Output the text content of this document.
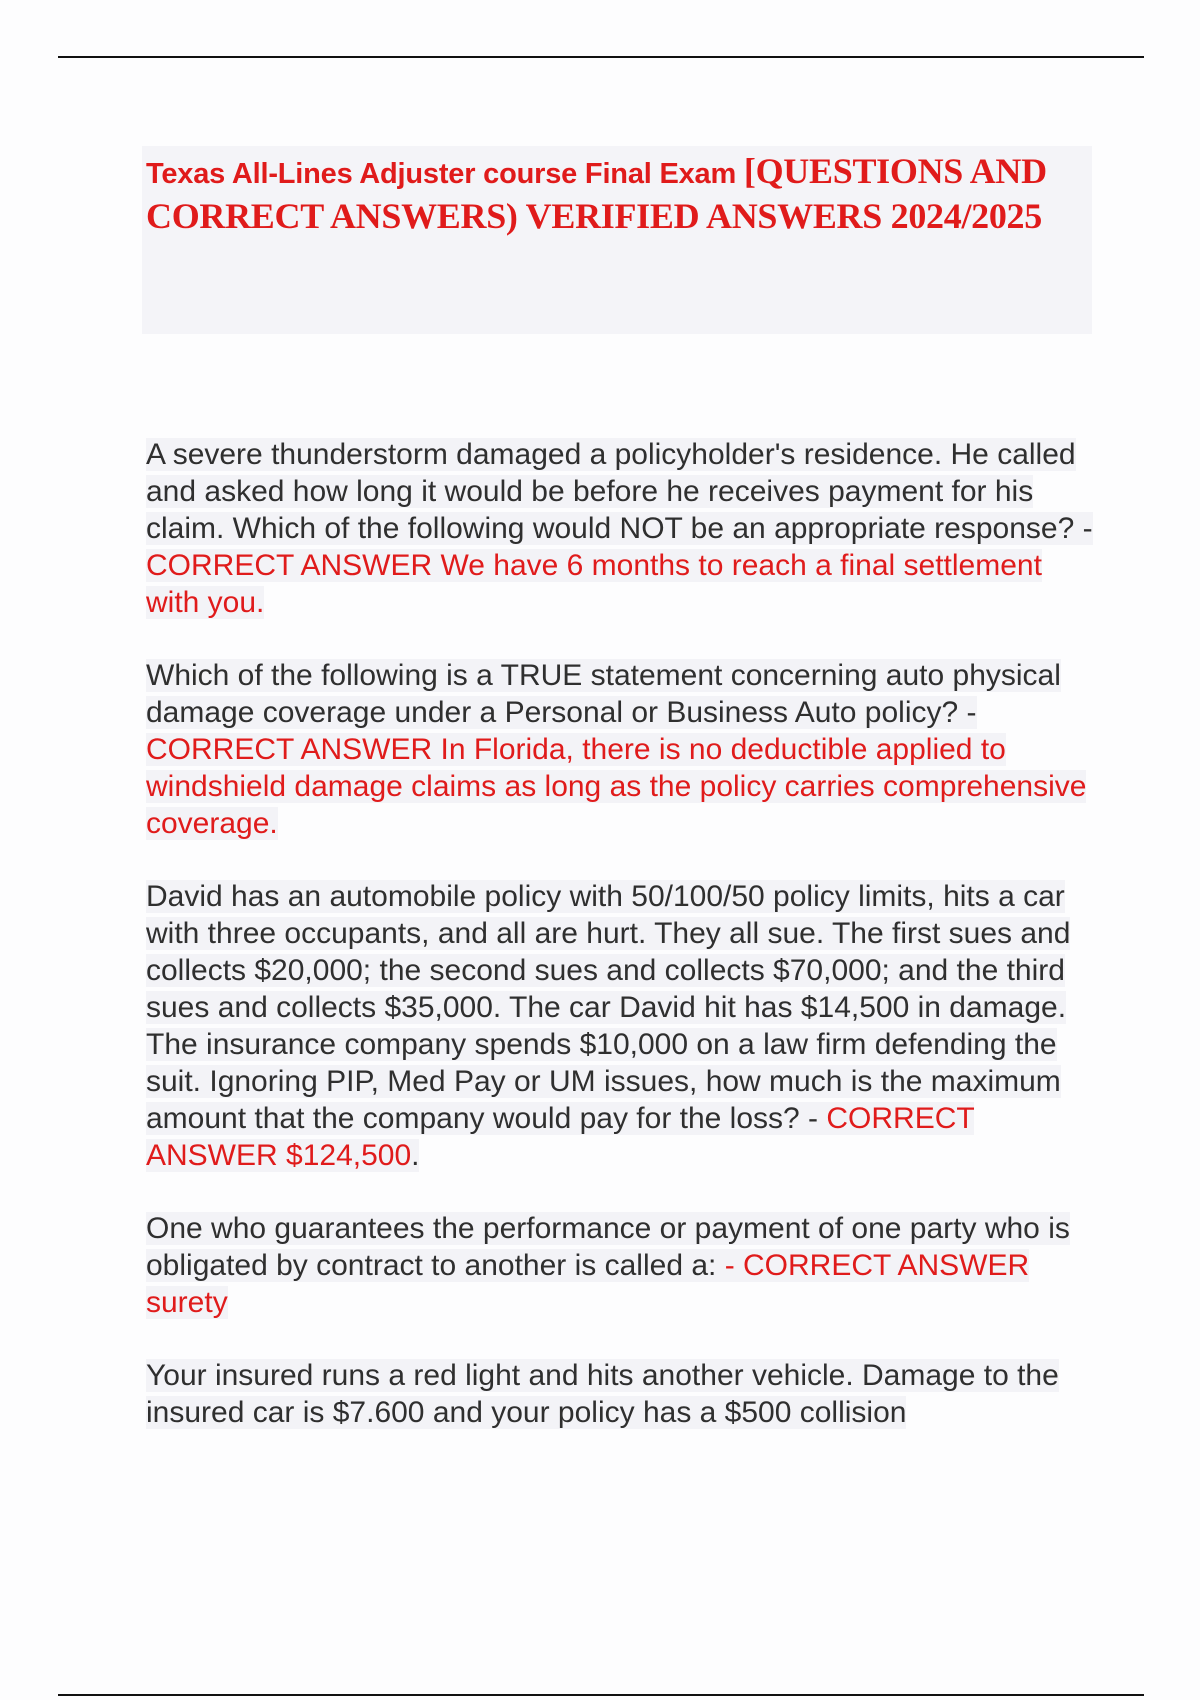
Texas All-Lines Adjuster course Final Exam [QUESTIONS AND CORRECT ANSWERS) VERIFIED ANSWERS 2024/2025

A severe thunderstorm damaged a policyholder's residence. He called and asked how long it would be before he receives payment for his claim. Which of the following would NOT be an appropriate response? - CORRECT ANSWER We have 6 months to reach a final settlement with you.

Which of the following is a TRUE statement concerning auto physical damage coverage under a Personal or Business Auto policy? - CORRECT ANSWER In Florida, there is no deductible applied to windshield damage claims as long as the policy carries comprehensive coverage.

David has an automobile policy with 50/100/50 policy limits, hits a car with three occupants, and all are hurt. They all sue. The first sues and collects $20,000; the second sues and collects $70,000; and the third sues and collects $35,000. The car David hit has $14,500 in damage. The insurance company spends $10,000 on a law firm defending the suit. Ignoring PIP, Med Pay or UM issues, how much is the maximum amount that the company would pay for the loss? - CORRECT ANSWER $124,500.

One who guarantees the performance or payment of one party who is obligated by contract to another is called a: - CORRECT ANSWER surety

Your insured runs a red light and hits another vehicle. Damage to the insured car is $7.600 and your policy has a $500 collision
